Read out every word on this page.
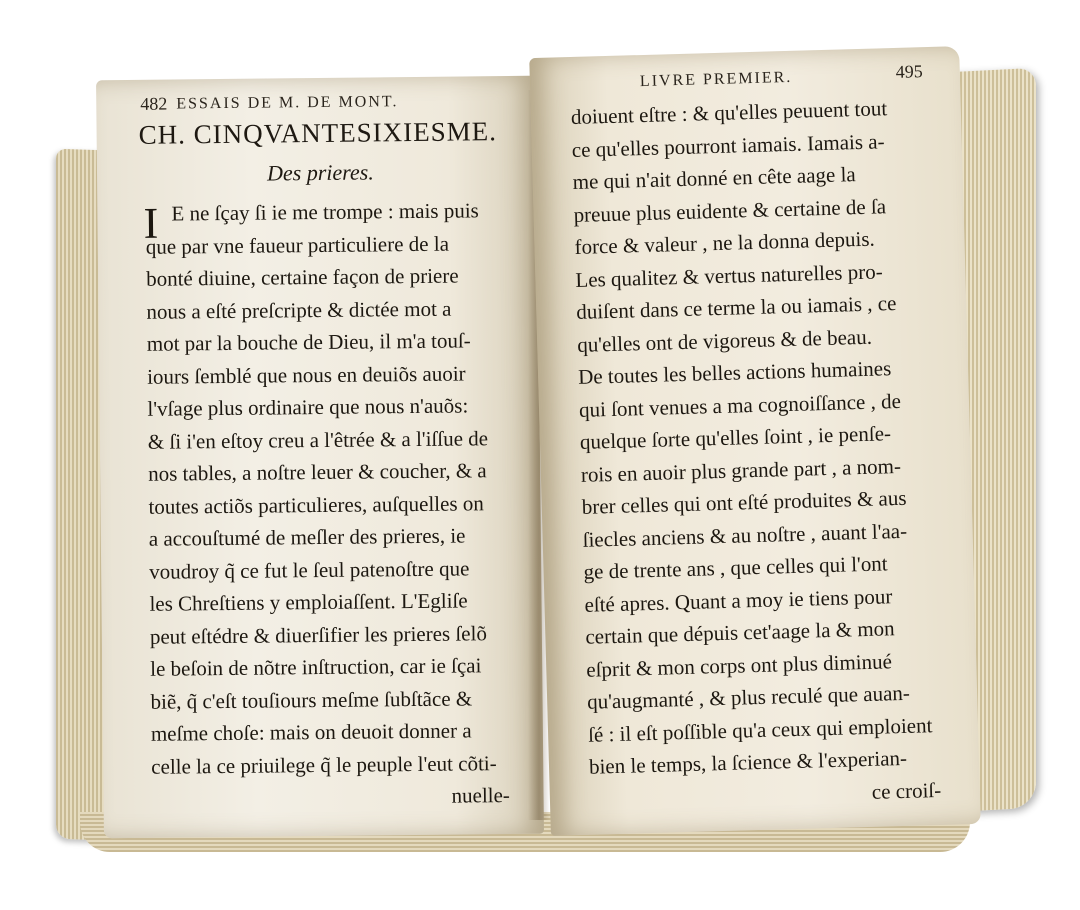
482 ESSAIS DE M. DE MONT.
CH. CINQVANTESIXIESME.
Des prieres.
I E ne ſçay ſi ie me trompe : mais puis
que par vne faueur particuliere de la
bonté diuine, certaine façon de priere
nous a eſté preſcripte & dictée mot a
mot par la bouche de Dieu, il m'a touſ-
iours ſemblé que nous en deuiõs auoir
l'vſage plus ordinaire que nous n'auõs:
& ſi i'en eſtoy creu a l'êtrée & a l'iſſue de
nos tables, a noſtre leuer & coucher, & a
toutes actiõs particulieres, auſquelles on
a accouſtumé de meſler des prieres, ie
voudroy q̃ ce fut le ſeul patenoſtre que
les Chreſtiens y emploiaſſent. L'Egliſe
peut eſtédre & diuerſifier les prieres ſelõ
le beſoin de nõtre inſtruction, car ie ſçai
biẽ, q̃ c'eſt touſiours meſme ſubſtãce &
meſme choſe: mais on deuoit donner a
celle la ce priuilege q̃ le peuple l'eut cõti-
nuelle-
LIVRE PREMIER.	495
doiuent eſtre : & qu'elles peuuent tout
ce qu'elles pourront iamais. Iamais a-
me qui n'ait donné en cête aage la
preuue plus euidente & certaine de ſa
force & valeur , ne la donna depuis.
Les qualitez & vertus naturelles pro-
duiſent dans ce terme la ou iamais , ce
qu'elles ont de vigoreus & de beau.
De toutes les belles actions humaines
qui ſont venues a ma cognoiſſance , de
quelque ſorte qu'elles ſoint , ie penſe-
rois en auoir plus grande part , a nom-
brer celles qui ont eſté produites & aus
ſiecles anciens & au noſtre , auant l'aa-
ge de trente ans , que celles qui l'ont
eſté apres. Quant a moy ie tiens pour
certain que dépuis cet'aage la & mon
eſprit & mon corps ont plus diminué
qu'augmanté , & plus reculé que auan-
ſé : il eſt poſſible qu'a ceux qui emploient
bien le temps, la ſcience & l'experian-
ce croiſ-
